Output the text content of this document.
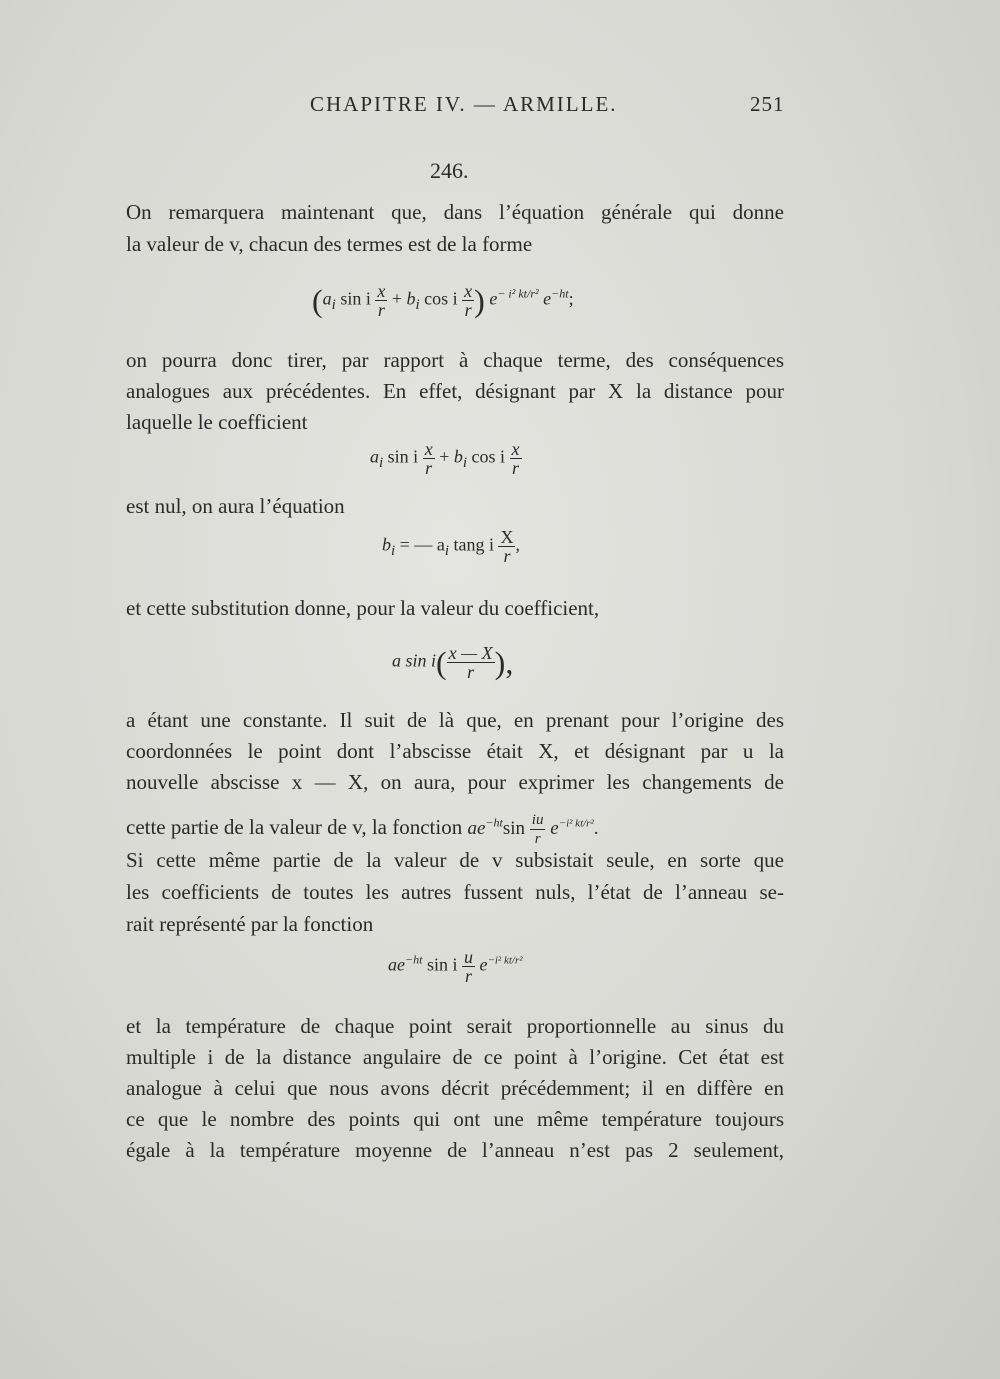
CHAPITRE IV. — ARMILLE.	251
246.
On remarquera maintenant que, dans l’équation générale qui donne
la valeur de v, chacun des termes est de la forme
($a_i$ sin i $\frac{x}{r} + b_i$ cos i $\frac{x}{r}$ ) $e^{- i^2 kt/r^2}$ $e^{-ht}$;
on pourra donc tirer, par rapport à chaque terme, des conséquences
analogues aux précédentes. En effet, désignant par X la distance pour
laquelle le coefficient
$a_i$ sin i $\frac{x}{r} + b_i$ cos i $\frac{x}{r}$
est nul, on aura l’équation
$b_i$ = — $a_i$ tang i $\frac{X}{r}$ ,
et cette substitution donne, pour la valeur du coefficient,
a $\sin i( \frac{x — X}{r}$ ),
a étant une constante. Il suit de là que, en prenant pour l’origine des
coordonnées le point dont l’abscisse était X, et désignant par u la
nouvelle abscisse x — X, on aura, pour exprimer les changements de
cette partie de la valeur de v, la fonction $ae^{-ht}\sin \frac{iu}{r} e^{-i^2 kt/r^2}$.
Si cette même partie de la valeur de v subsistait seule, en sorte que
les coefficients de toutes les autres fussent nuls, l’état de l’anneau se-
rait représenté par la fonction
$ae^{-ht}$ sin i $\frac{u}{r} e^{-i^2 kt/r^2}$
et la température de chaque point serait proportionnelle au sinus du
multiple i de la distance angulaire de ce point à l’origine. Cet état est
analogue à celui que nous avons décrit précédemment; il en diffère en
ce que le nombre des points qui ont une même température toujours
égale à la température moyenne de l’anneau n’est pas 2 seulement,
